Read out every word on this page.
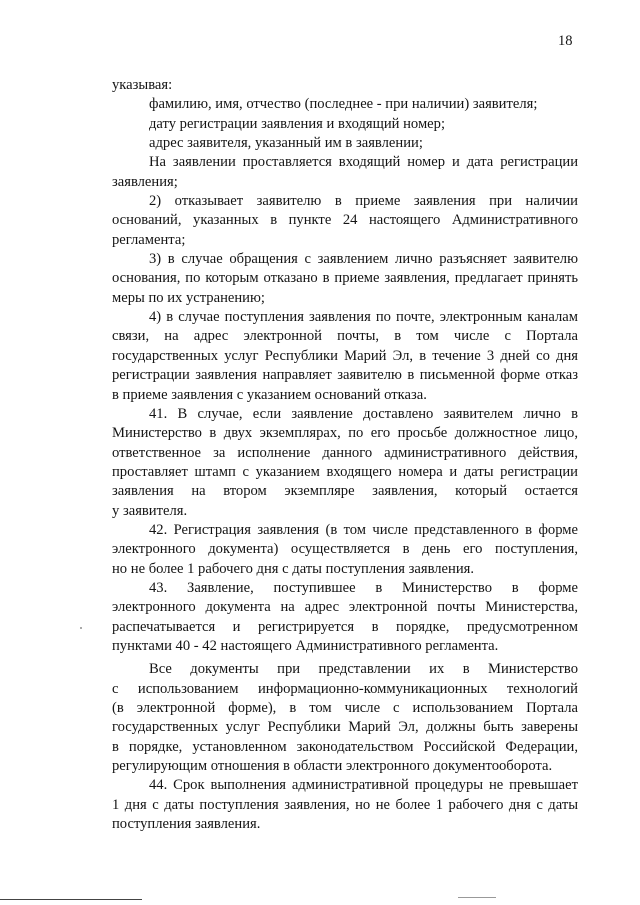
18

указывая:

фамилию, имя, отчество (последнее - при наличии) заявителя;

дату регистрации заявления и входящий номер;

адрес заявителя, указанный им в заявлении;

На заявлении проставляется входящий номер и дата регистрации

заявления;

2) отказывает заявителю в приеме заявления при наличии

оснований, указанных в пункте 24 настоящего Административного

регламента;

3) в случае обращения с заявлением лично разъясняет заявителю

основания, по которым отказано в приеме заявления, предлагает принять

меры по их устранению;

4) в случае поступления заявления по почте, электронным каналам

связи, на адрес электронной почты, в том числе с Портала

государственных услуг Республики Марий Эл, в течение 3 дней со дня

регистрации заявления направляет заявителю в письменной форме отказ

в приеме заявления с указанием оснований отказа.

41. В случае, если заявление доставлено заявителем лично в

Министерство в двух экземплярах, по его просьбе должностное лицо,

ответственное за исполнение данного административного действия,

проставляет штамп с указанием входящего номера и даты регистрации

заявления на втором экземпляре заявления, который остается

у заявителя.

42. Регистрация заявления (в том числе представленного в форме

электронного документа) осуществляется в день его поступления,

но не более 1 рабочего дня с даты поступления заявления.

43. Заявление, поступившее в Министерство в форме

электронного документа на адрес электронной почты Министерства,

распечатывается и регистрируется в порядке, предусмотренном

пунктами 40 - 42 настоящего Административного регламента.

Все документы при представлении их в Министерство

с использованием информационно-коммуникационных технологий

(в электронной форме), в том числе с использованием Портала

государственных услуг Республики Марий Эл, должны быть заверены

в порядке, установленном законодательством Российской Федерации,

регулирующим отношения в области электронного документооборота.

44. Срок выполнения административной процедуры не превышает

1 дня с даты поступления заявления, но не более 1 рабочего дня с даты

поступления заявления.
